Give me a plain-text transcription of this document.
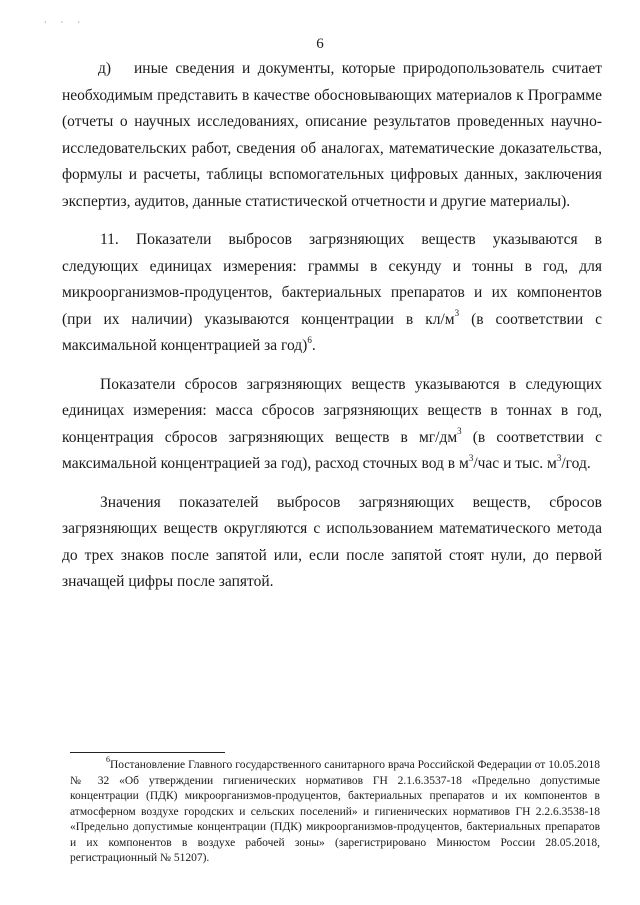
· · ·
6

д) иные сведения и документы, которые природопользователь считает необходимым представить в качестве обосновывающих материалов к Программе (отчеты о научных исследованиях, описание результатов проведенных научно-исследовательских работ, сведения об аналогах, математические доказательства, формулы и расчеты, таблицы вспомогательных цифровых данных, заключения экспертиз, аудитов, данные статистической отчетности и другие материалы).

11. Показатели выбросов загрязняющих веществ указываются в следующих единицах измерения: граммы в секунду и тонны в год, для микроорганизмов-продуцентов, бактериальных препаратов и их компонентов (при их наличии) указываются концентрации в $кл/м^3$ (в соответствии с максимальной концентрацией за год)$^6$.

Показатели сбросов загрязняющих веществ указываются в следующих единицах измерения: масса сбросов загрязняющих веществ в тоннах в год, концентрация сбросов загрязняющих веществ в $мг/дм^3$ (в соответствии с максимальной концентрацией за год), расход сточных вод в $м^3$/час и тыс. $м^3$/год.

Значения показателей выбросов загрязняющих веществ, сбросов загрязняющих веществ округляются с использованием математического метода до трех знаков после запятой или, если после запятой стоят нули, до первой значащей цифры после запятой.

$^6$Постановление Главного государственного санитарного врача Российской Федерации от 10.05.2018 № 32 «Об утверждении гигиенических нормативов ГН 2.1.6.3537-18 «Предельно допустимые концентрации (ПДК) микроорганизмов-продуцентов, бактериальных препаратов и их компонентов в атмосферном воздухе городских и сельских поселений» и гигиенических нормативов ГН 2.2.6.3538-18 «Предельно допустимые концентрации (ПДК) микроорганизмов-продуцентов, бактериальных препаратов и их компонентов в воздухе рабочей зоны» (зарегистрировано Минюстом России 28.05.2018, регистрационный № 51207).
